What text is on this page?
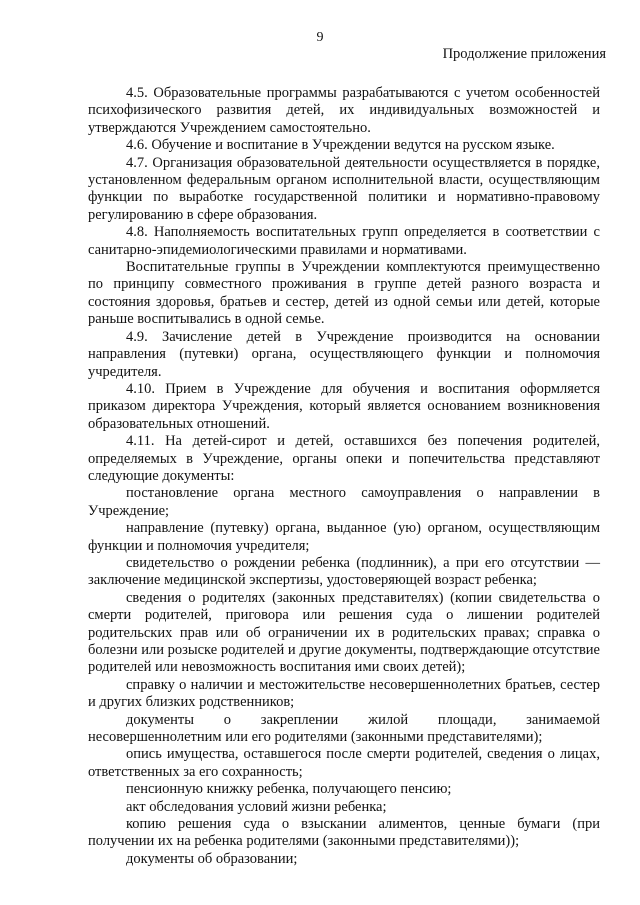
9
Продолжение приложения

4.5. Образовательные программы разрабатываются с учетом особенностей психофизического развития детей, их индивидуальных возможностей и утверждаются Учреждением самостоятельно.

4.6. Обучение и воспитание в Учреждении ведутся на русском языке.

4.7. Организация образовательной деятельности осуществляется в порядке, установленном федеральным органом исполнительной власти, осуществляющим функции по выработке государственной политики и нормативно-правовому регулированию в сфере образования.

4.8. Наполняемость воспитательных групп определяется в соответствии с санитарно-эпидемиологическими правилами и нормативами.

Воспитательные группы в Учреждении комплектуются преимущественно по принципу совместного проживания в группе детей разного возраста и состояния здоровья, братьев и сестер, детей из одной семьи или детей, которые раньше воспитывались в одной семье.

4.9. Зачисление детей в Учреждение производится на основании направления (путевки) органа, осуществляющего функции и полномочия учредителя.

4.10. Прием в Учреждение для обучения и воспитания оформляется приказом директора Учреждения, который является основанием возникновения образовательных отношений.

4.11. На детей-сирот и детей, оставшихся без попечения родителей, определяемых в Учреждение, органы опеки и попечительства представляют следующие документы:

постановление органа местного самоуправления о направлении в Учреждение;

направление (путевку) органа, выданное (ую) органом, осуществляющим функции и полномочия учредителя;

свидетельство о рождении ребенка (подлинник), а при его отсутствии — заключение медицинской экспертизы, удостоверяющей возраст ребенка;

сведения о родителях (законных представителях) (копии свидетельства о смерти родителей, приговора или решения суда о лишении родителей родительских прав или об ограничении их в родительских правах; справка о болезни или розыске родителей и другие документы, подтверждающие отсутствие родителей или невозможность воспитания ими своих детей);

справку о наличии и местожительстве несовершеннолетних братьев, сестер и других близких родственников;

документы о закреплении жилой площади, занимаемой несовершеннолетним или его родителями (законными представителями);

опись имущества, оставшегося после смерти родителей, сведения о лицах, ответственных за его сохранность;

пенсионную книжку ребенка, получающего пенсию;

акт обследования условий жизни ребенка;

копию решения суда о взыскании алиментов, ценные бумаги (при получении их на ребенка родителями (законными представителями));

документы об образовании;
